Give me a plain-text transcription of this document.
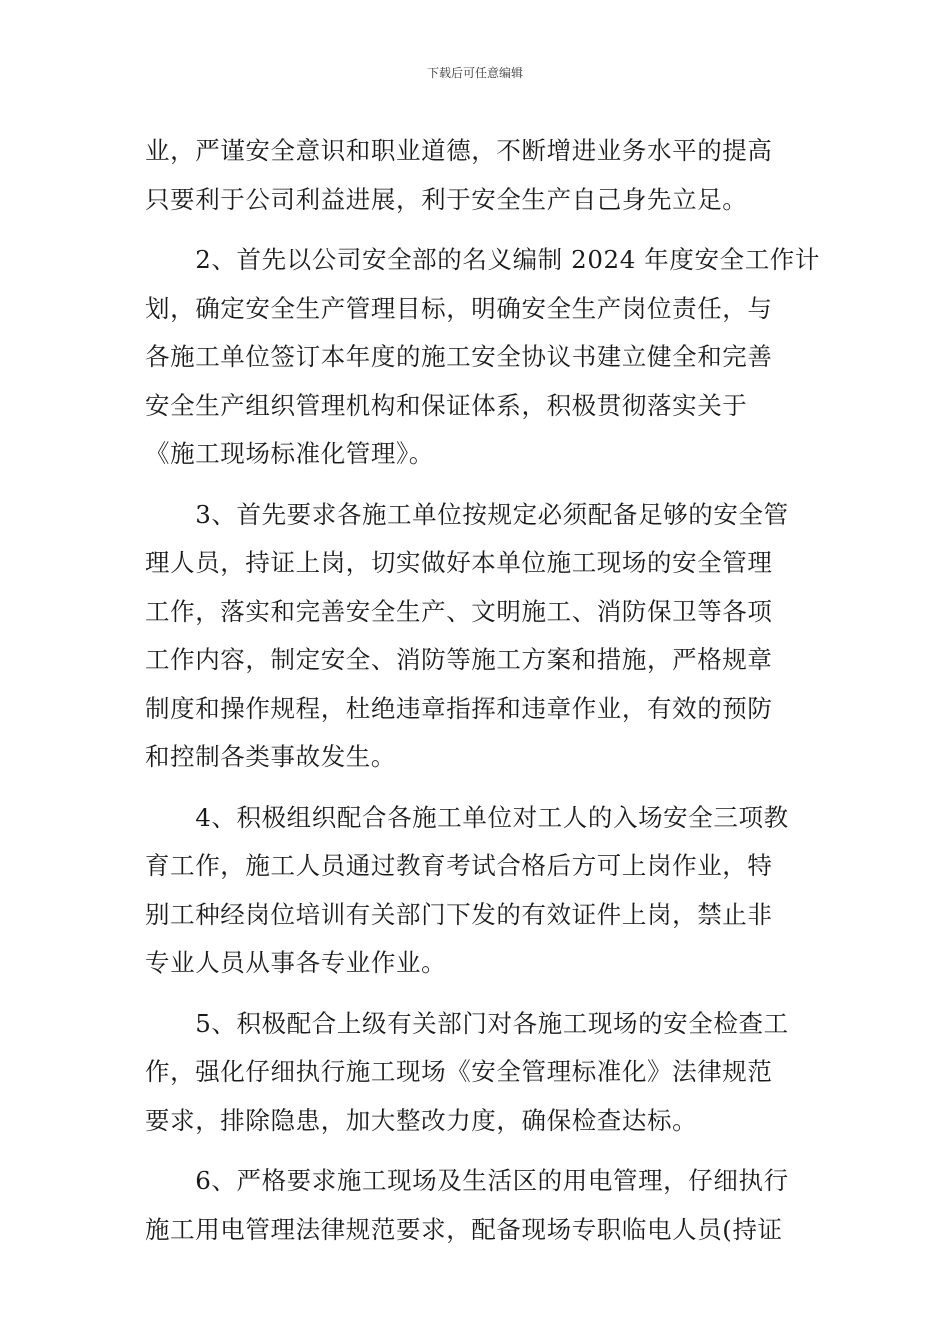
下载后可任意编辑
业，严谨安全意识和职业道德，不断增进业务水平的提高
只要利于公司利益进展，利于安全生产自己身先立足。
　　2、首先以公司安全部的名义编制 2024 年度安全工作计
划，确定安全生产管理目标，明确安全生产岗位责任，与
各施工单位签订本年度的施工安全协议书建立健全和完善
安全生产组织管理机构和保证体系，积极贯彻落实关于
《施工现场标准化管理》。
　　3、首先要求各施工单位按规定必须配备足够的安全管
理人员，持证上岗，切实做好本单位施工现场的安全管理
工作，落实和完善安全生产、文明施工、消防保卫等各项
工作内容，制定安全、消防等施工方案和措施，严格规章
制度和操作规程，杜绝违章指挥和违章作业，有效的预防
和控制各类事故发生。
　　4、积极组织配合各施工单位对工人的入场安全三项教
育工作，施工人员通过教育考试合格后方可上岗作业，特
别工种经岗位培训有关部门下发的有效证件上岗，禁止非
专业人员从事各专业作业。
　　5、积极配合上级有关部门对各施工现场的安全检查工
作，强化仔细执行施工现场《安全管理标准化》法律规范
要求，排除隐患，加大整改力度，确保检查达标。
　　6、严格要求施工现场及生活区的用电管理，仔细执行
施工用电管理法律规范要求，配备现场专职临电人员(持证
